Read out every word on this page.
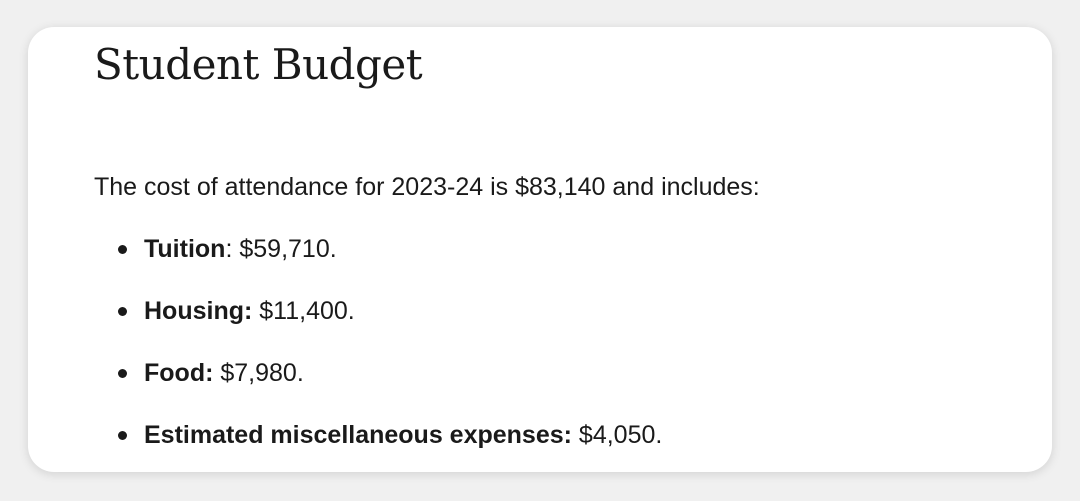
Student Budget

The cost of attendance for 2023-24 is $83,140 and includes:

Tuition: $59,710.
Housing: $11,400.
Food: $7,980.
Estimated miscellaneous expenses: $4,050.
